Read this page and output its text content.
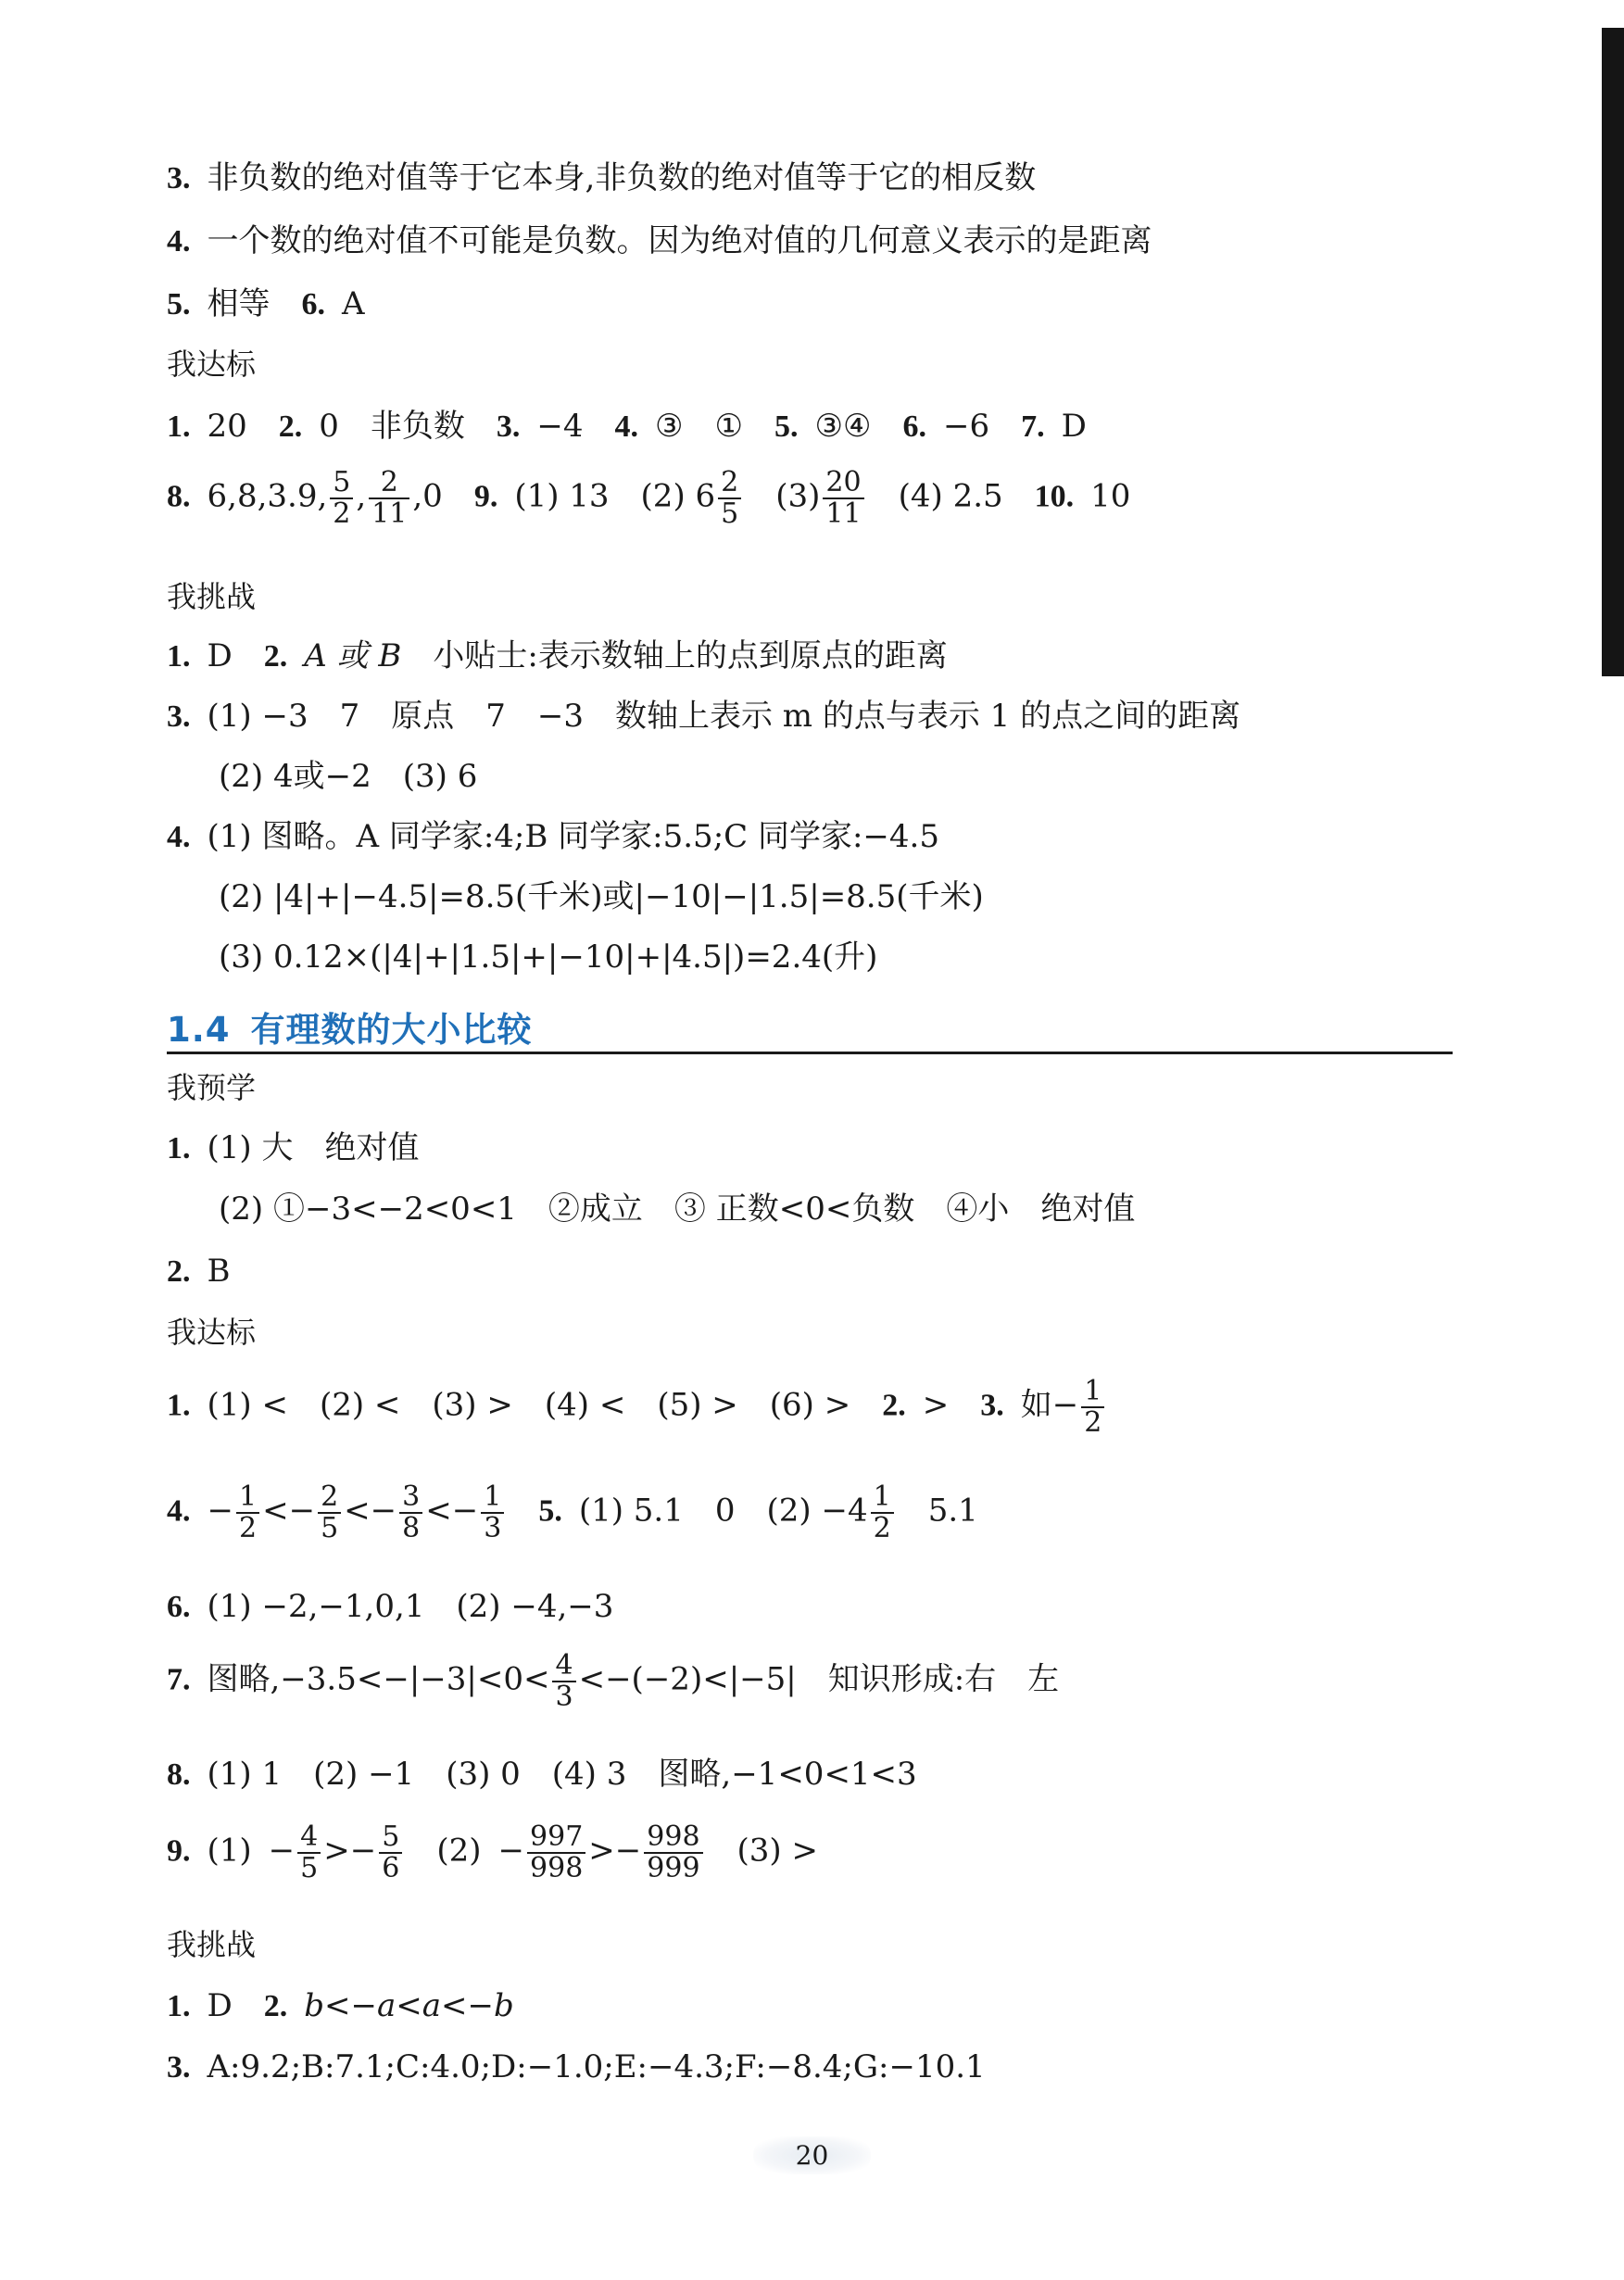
3. 非负数的绝对值等于它本身,非负数的绝对值等于它的相反数
4. 一个数的绝对值不可能是负数。因为绝对值的几何意义表示的是距离
5. 相等 6. A
我达标
1. 20 2. 0 非负数 3. −4 4. ③ ① 5. ③④ 6. −6 7. D
8. 6,8,3.9, $\frac{5}{2}$ , $\frac{2}{11} ,0$ 9. (1) 13 (2) $6 \frac{2}{5} (3) \frac{20}{11} (4)$ 2.5 10. 10
我挑战
1. D 2. A 或 B 小贴士:表示数轴上的点到原点的距离
3. (1) −3　7　原点　7　−3　数轴上表示 m 的点与表示 1 的点之间的距离
(2) 4或−2　(3) 6
4. (1) 图略。A 同学家:4;B 同学家:5.5;C 同学家:−4.5
(2) |4|+|−4.5|=8.5(千米)或|−10|−|1.5|=8.5(千米)
(3) 0.12×(|4|+|1.5|+|−10|+|4.5|)=2.4(升)
1.4 有理数的大小比较
我预学
1. (1) 大　绝对值
(2) ①−3<−2<0<1　②成立　③ 正数<0<负数　④小　绝对值
2. B
我达标
1. (1) <　(2) <　(3) >　(4) <　(5) >　(6) > 2. > 3. 如− $\frac{1}{2}$
4. − $\frac{1}{2} <- \frac{2}{5} <- \frac{3}{8} <- \frac{1}{3} 5$. (1) 5.1　0 $(2) -4 \frac{1}{2} 5.1$
6. (1) −2,−1,0,1　(2) −4,−3
7. 图略$,-3.5<-|-3|<0< \frac{4}{3} <-(-2)<|-5|$　知识形成:右　左
8. (1) 1　(2) −1　(3) 0　(4) 3　图略,−1<0<1<3
9. $(1) - \frac{4}{5} >- \frac{5}{6} (2) - \frac{997}{998} >- \frac{998}{999} (3)$ >
我挑战
1. D 2. b<−a<a<−b
3. A:9.2;B:7.1;C:4.0;D:−1.0;E:−4.3;F:−8.4;G:−10.1
20
